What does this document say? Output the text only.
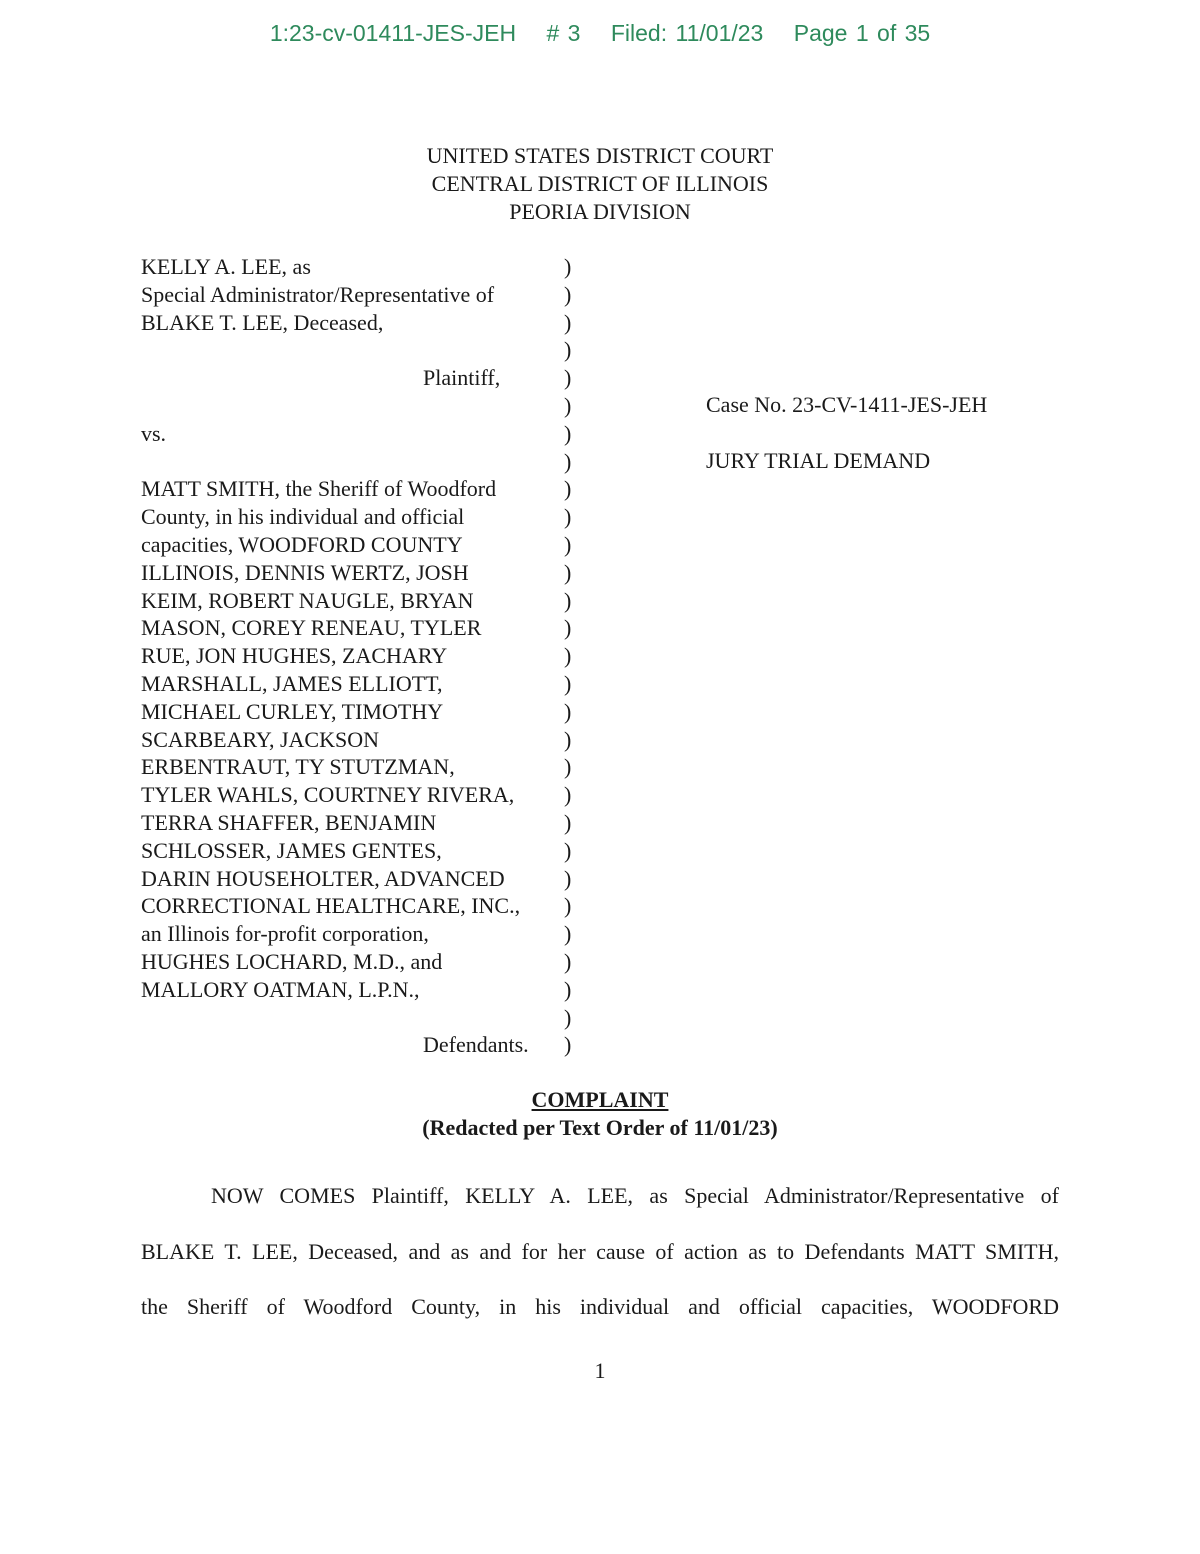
1:23-cv-01411-JES-JEH # 3 Filed: 11/01/23 Page 1 of 35
UNITED STATES DISTRICT COURT
CENTRAL DISTRICT OF ILLINOIS
PEORIA DIVISION
KELLY A. LEE, as	)
Special Administrator/Representative of	)
BLAKE T. LEE, Deceased,	)
)
Plaintiff,	)
)
vs.	)
)
MATT SMITH, the Sheriff of Woodford	)
County, in his individual and official	)
capacities, WOODFORD COUNTY	)
ILLINOIS, DENNIS WERTZ, JOSH	)
KEIM, ROBERT NAUGLE, BRYAN	)
MASON, COREY RENEAU, TYLER	)
RUE, JON HUGHES, ZACHARY	)
MARSHALL, JAMES ELLIOTT,	)
MICHAEL CURLEY, TIMOTHY	)
SCARBEARY, JACKSON	)
ERBENTRAUT, TY STUTZMAN,	)
TYLER WAHLS, COURTNEY RIVERA, )
TERRA SHAFFER, BENJAMIN	)
SCHLOSSER, JAMES GENTES,	)
DARIN HOUSEHOLTER, ADVANCED	)
CORRECTIONAL HEALTHCARE, INC., )
an Illinois for-profit corporation,	)
HUGHES LOCHARD, M.D., and	)
MALLORY OATMAN, L.P.N.,	)
)
Defendants. )
Case No. 23-CV-1411-JES-JEH
JURY TRIAL DEMAND
COMPLAINT
(Redacted per Text Order of 11/01/23)
NOW COMES Plaintiff, KELLY A. LEE, as Special Administrator/Representative of
BLAKE T. LEE, Deceased, and as and for her cause of action as to Defendants MATT SMITH,
the Sheriff of Woodford County, in his individual and official capacities, WOODFORD
1
